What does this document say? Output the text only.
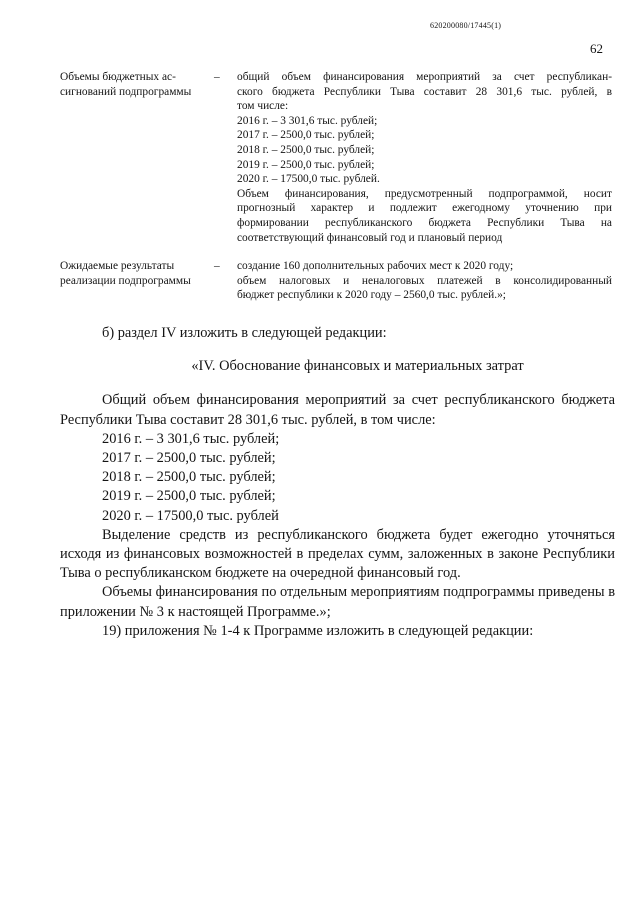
620200080/17445(1)
62
Объемы бюджетных ас-
сигнований подпрограммы
– общий объем финансирования мероприятий за счет республикан-
ского бюджета Республики Тыва составит 28 301,6 тыс. рублей, в
том числе:
2016 г. – 3 301,6 тыс. рублей;
2017 г. – 2500,0 тыс. рублей;
2018 г. – 2500,0 тыс. рублей;
2019 г. – 2500,0 тыс. рублей;
2020 г. – 17500,0 тыс. рублей.
Объем финансирования, предусмотренный подпрограммой, носит
прогнозный характер и подлежит ежегодному уточнению при
формировании республиканского бюджета Республики Тыва на
соответствующий финансовый год и плановый период
Ожидаемые результаты
реализации подпрограммы
– создание 160 дополнительных рабочих мест к 2020 году;
объем налоговых и неналоговых платежей в консолидированный
бюджет республики к 2020 году – 2560,0 тыс. рублей.»;
б) раздел IV изложить в следующей редакции:
«IV. Обоснование финансовых и материальных затрат
Общий объем финансирования мероприятий за счет республиканского бюджета Республики Тыва составит 28 301,6 тыс. рублей, в том числе:
2016 г. – 3 301,6 тыс. рублей;
2017 г. – 2500,0 тыс. рублей;
2018 г. – 2500,0 тыс. рублей;
2019 г. – 2500,0 тыс. рублей;
2020 г. – 17500,0 тыс. рублей
Выделение средств из республиканского бюджета будет ежегодно уточняться исходя из финансовых возможностей в пределах сумм, заложенных в законе Республики Тыва о республиканском бюджете на очередной финансовый год.
Объемы финансирования по отдельным мероприятиям подпрограммы приведены в приложении № 3 к настоящей Программе.»;
19) приложения № 1-4 к Программе изложить в следующей редакции:
